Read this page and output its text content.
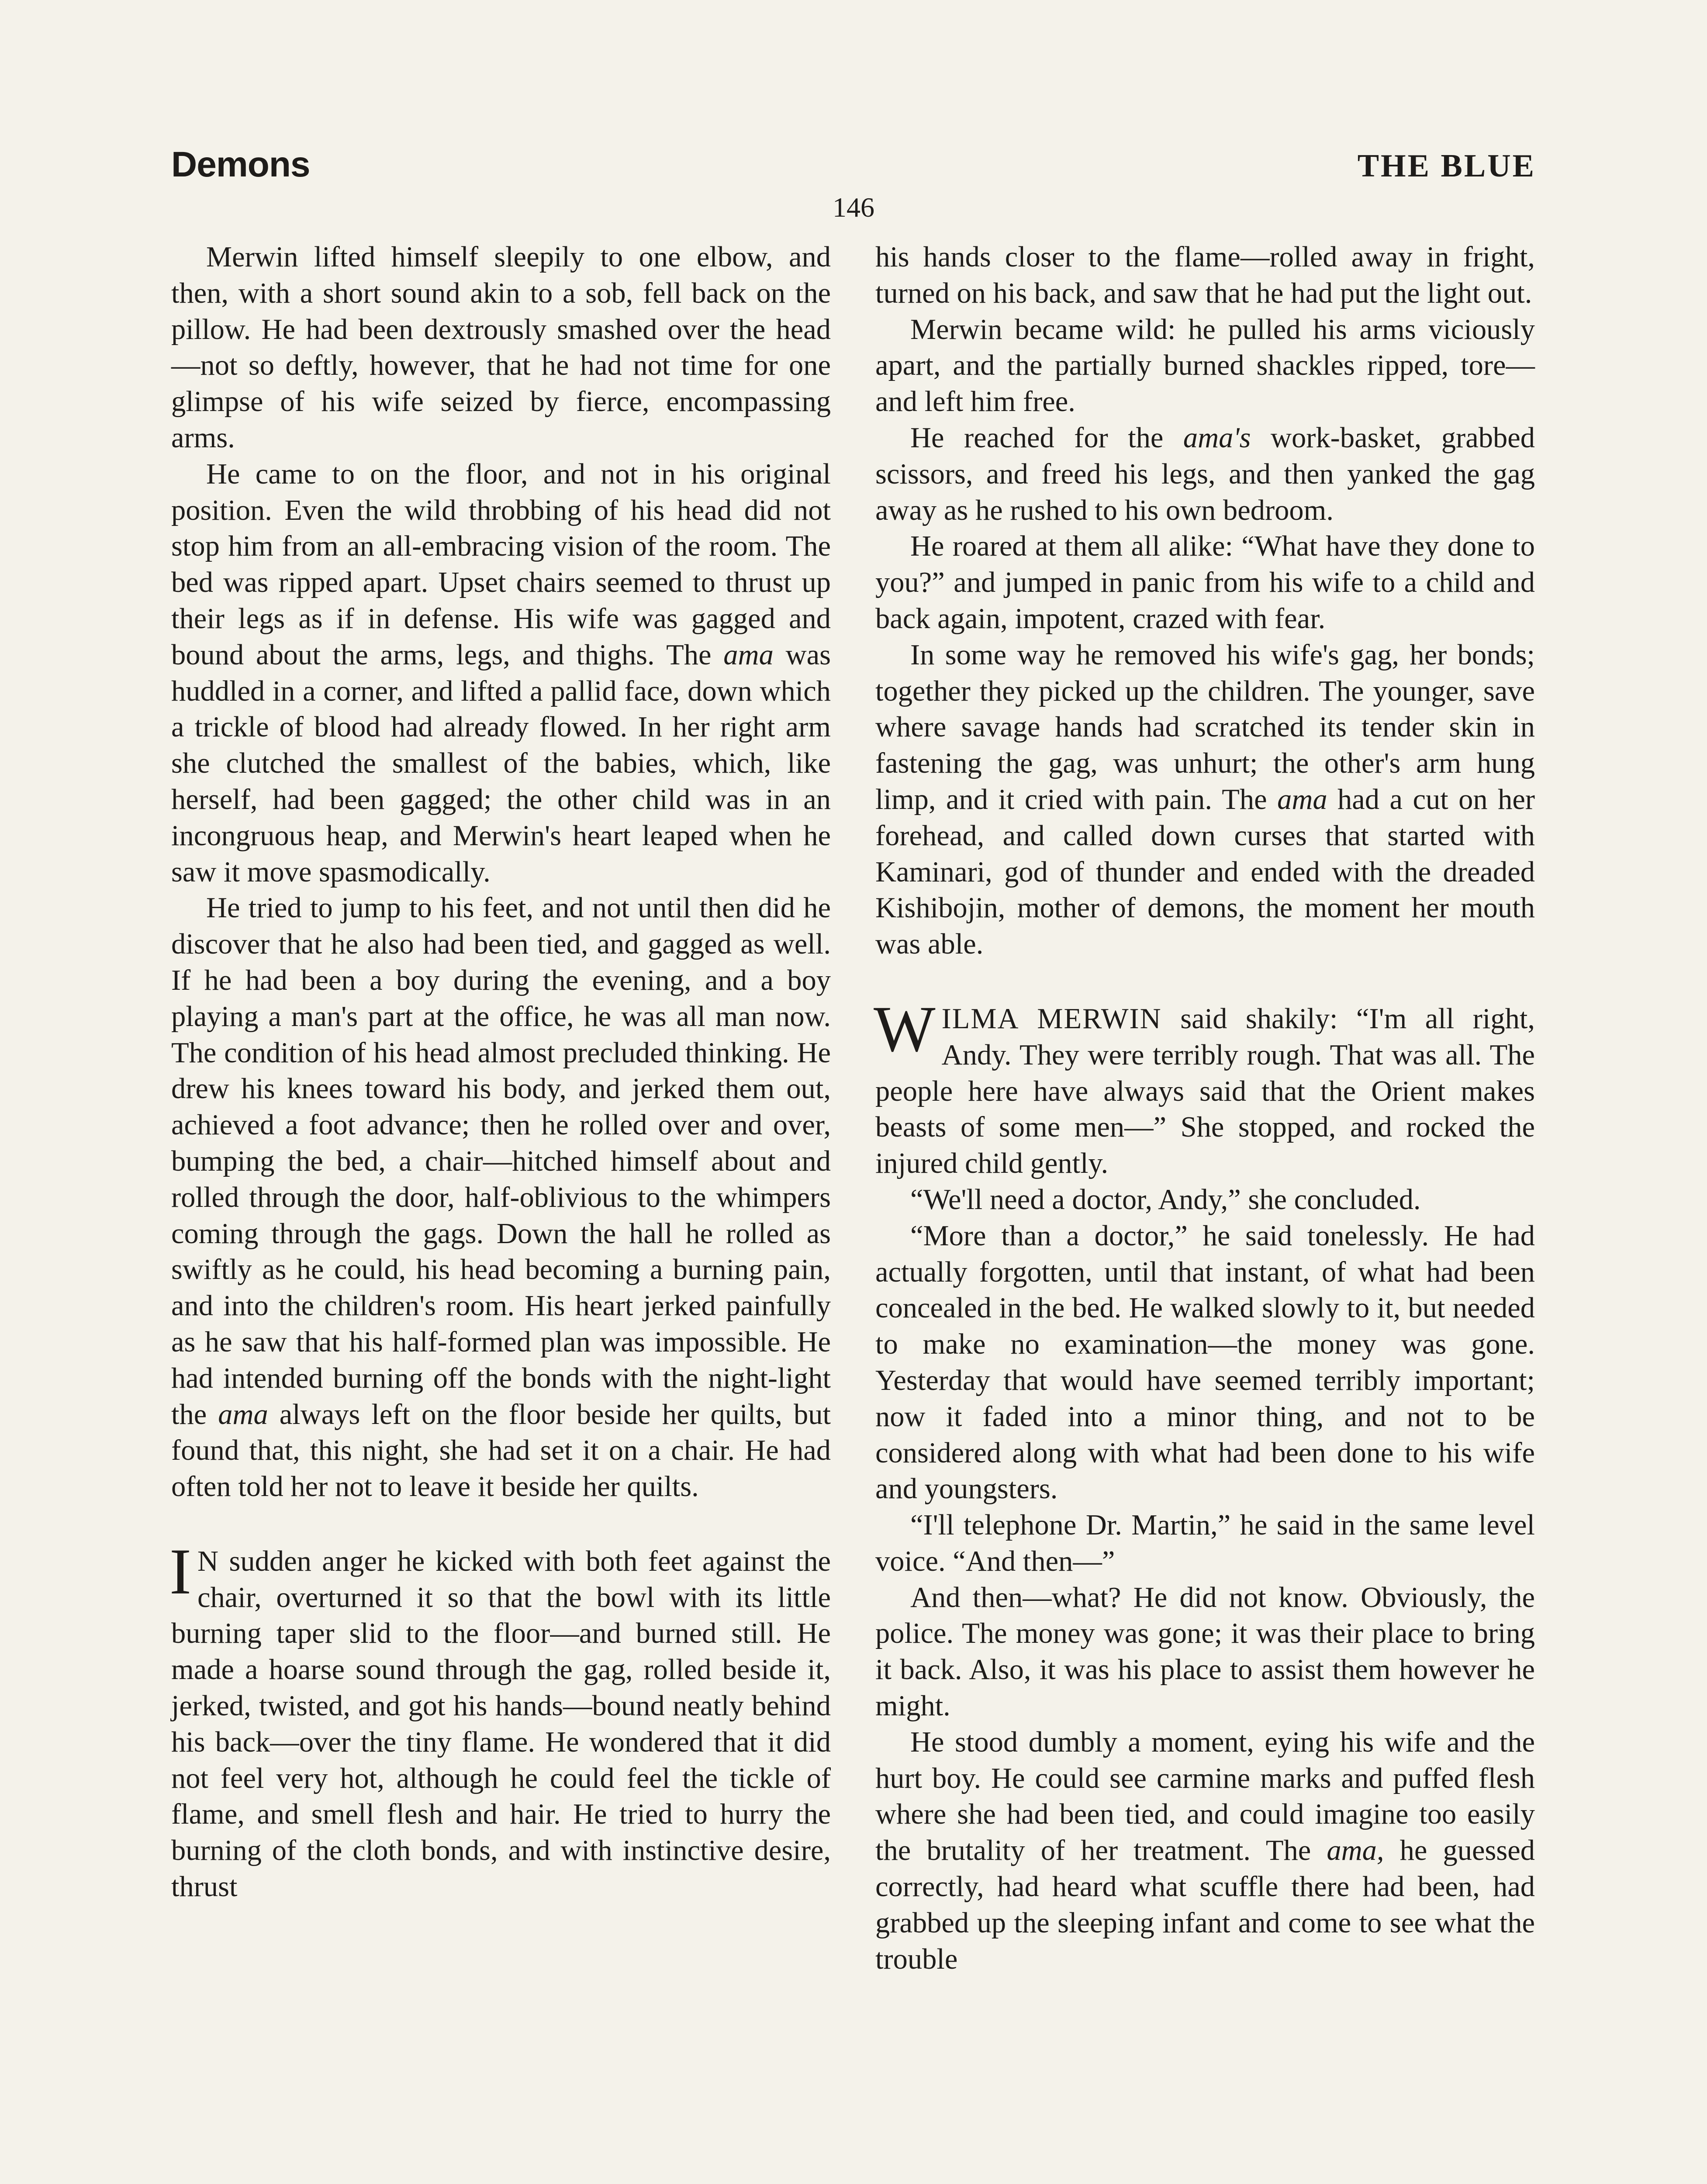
Demons	THE BLUE
146

Merwin lifted himself sleepily to one elbow, and then, with a short sound akin to a sob, fell back on the pillow. He had been dextrously smashed over the head—not so deftly, however, that he had not time for one glimpse of his wife seized by fierce, encompassing arms.

He came to on the floor, and not in his original position. Even the wild throbbing of his head did not stop him from an all-embracing vision of the room. The bed was ripped apart. Upset chairs seemed to thrust up their legs as if in defense. His wife was gagged and bound about the arms, legs, and thighs. The ama was huddled in a corner, and lifted a pallid face, down which a trickle of blood had already flowed. In her right arm she clutched the smallest of the babies, which, like herself, had been gagged; the other child was in an incongruous heap, and Merwin's heart leaped when he saw it move spasmodically.

He tried to jump to his feet, and not until then did he discover that he also had been tied, and gagged as well. If he had been a boy during the evening, and a boy playing a man's part at the office, he was all man now. The condition of his head almost precluded thinking. He drew his knees toward his body, and jerked them out, achieved a foot advance; then he rolled over and over, bumping the bed, a chair—hitched himself about and rolled through the door, half-oblivious to the whimpers coming through the gags. Down the hall he rolled as swiftly as he could, his head becoming a burning pain, and into the children's room. His heart jerked painfully as he saw that his half-formed plan was impossible. He had intended burning off the bonds with the night-light the ama always left on the floor beside her quilts, but found that, this night, she had set it on a chair. He had often told her not to leave it beside her quilts.

I N sudden anger he kicked with both feet against the chair, overturned it so that the bowl with its little burning taper slid to the floor—and burned still. He made a hoarse sound through the gag, rolled beside it, jerked, twisted, and got his hands—bound neatly behind his back—over the tiny flame. He wondered that it did not feel very hot, although he could feel the tickle of flame, and smell flesh and hair. He tried to hurry the burning of the cloth bonds, and with instinctive desire, thrust

his hands closer to the flame—rolled away in fright, turned on his back, and saw that he had put the light out.

Merwin became wild: he pulled his arms viciously apart, and the partially burned shackles ripped, tore—and left him free.

He reached for the ama's work-basket, grabbed scissors, and freed his legs, and then yanked the gag away as he rushed to his own bedroom.

He roared at them all alike: “What have they done to you?” and jumped in panic from his wife to a child and back again, impotent, crazed with fear.

In some way he removed his wife's gag, her bonds; together they picked up the children. The younger, save where savage hands had scratched its tender skin in fastening the gag, was unhurt; the other's arm hung limp, and it cried with pain. The ama had a cut on her forehead, and called down curses that started with Kaminari, god of thunder and ended with the dreaded Kishibojin, mother of demons, the moment her mouth was able.

WILMA MERWIN said shakily: “I'm all right, Andy. They were terribly rough. That was all. The people here have always said that the Orient makes beasts of some men—” She stopped, and rocked the injured child gently.

“We'll need a doctor, Andy,” she concluded.

“More than a doctor,” he said tonelessly. He had actually forgotten, until that instant, of what had been concealed in the bed. He walked slowly to it, but needed to make no examination—the money was gone. Yesterday that would have seemed terribly important; now it faded into a minor thing, and not to be considered along with what had been done to his wife and youngsters.

“I'll telephone Dr. Martin,” he said in the same level voice. “And then—”

And then—what? He did not know. Obviously, the police. The money was gone; it was their place to bring it back. Also, it was his place to assist them however he might.

He stood dumbly a moment, eying his wife and the hurt boy. He could see carmine marks and puffed flesh where she had been tied, and could imagine too easily the brutality of her treatment. The ama, he guessed correctly, had heard what scuffle there had been, had grabbed up the sleeping infant and come to see what the trouble
